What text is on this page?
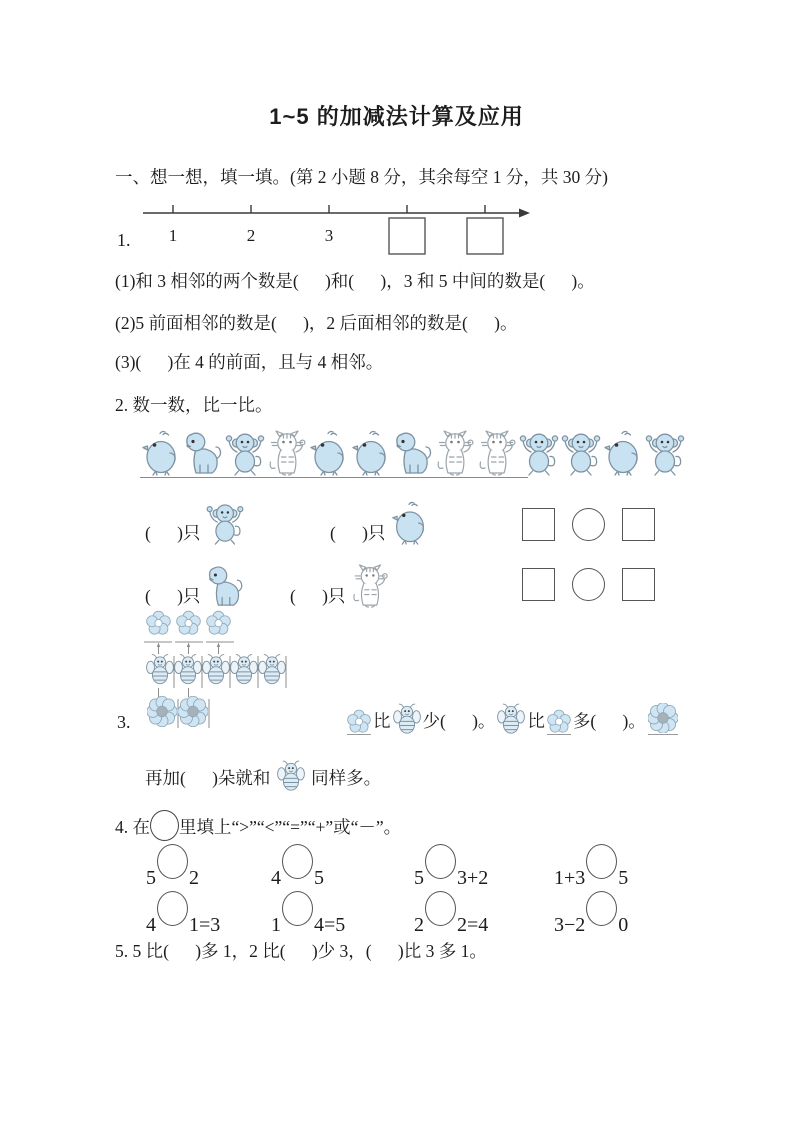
1~5 的加减法计算及应用
一、想一想，填一填。(第 2 小题 8 分，其余每空 1 分，共 30 分)
1. 1	2	3
(1)和 3 相邻的两个数是(      )和(      )，3 和 5 中间的数是(      )。
(2)5 前面相邻的数是(      )，2 后面相邻的数是(      )。
(3)(      )在 4 的前面，且与 4 相邻。
2. 数一数，比一比。
(      )只	(      )只
(      )只	(      )只
3.	比 少(      )。 比 多(      )。
再加(      )朵就和 同样多。
4. 在 里填上“>”“<”“=”“+”或“－”。
5 2	4 5	5 3+2	1+3 5
4 1=3	1 4=5	2 2=4	3−2 0
5. 5 比(      )多 1，2 比(      )少 3，(      )比 3 多 1。
